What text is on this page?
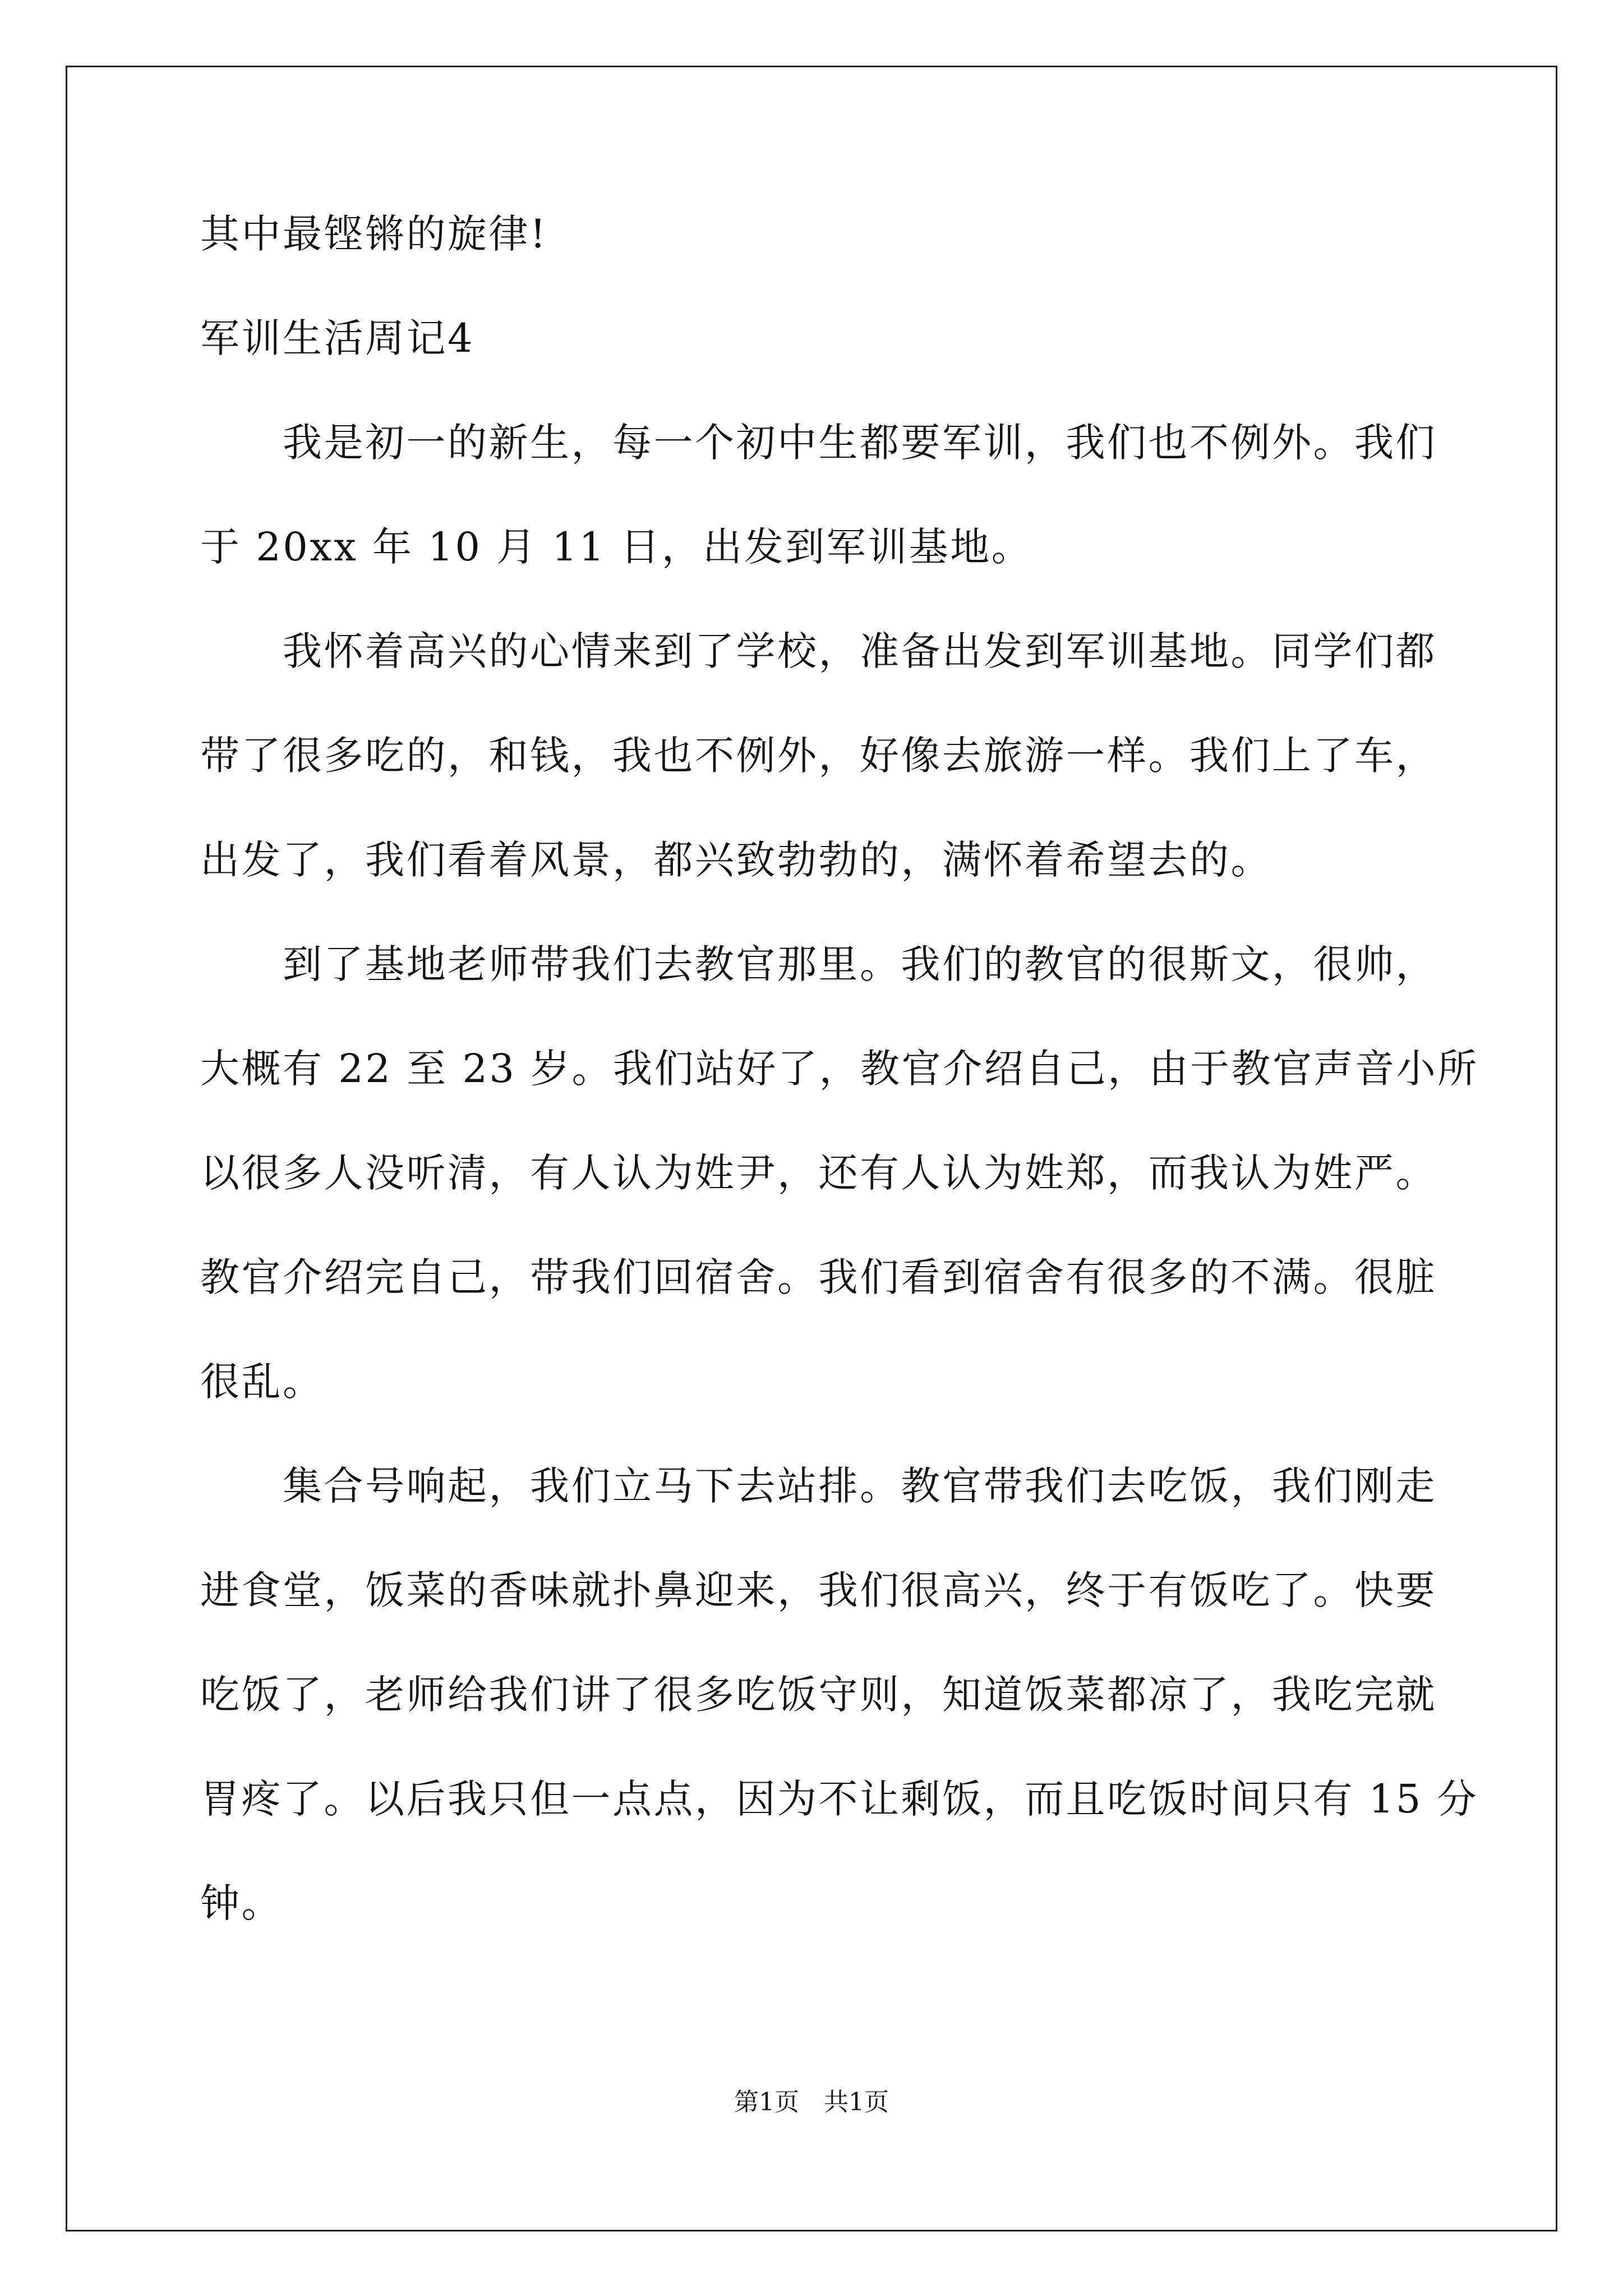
其中最铿锵的旋律!
军训生活周记4
　　我是初一的新生，每一个初中生都要军训，我们也不例外。我们
于 20xx 年 10 月 11 日，出发到军训基地。
　　我怀着高兴的心情来到了学校，准备出发到军训基地。同学们都
带了很多吃的，和钱，我也不例外，好像去旅游一样。我们上了车，
出发了，我们看着风景，都兴致勃勃的，满怀着希望去的。
　　到了基地老师带我们去教官那里。我们的教官的很斯文，很帅，
大概有 22 至 23 岁。我们站好了，教官介绍自己，由于教官声音小所
以很多人没听清，有人认为姓尹，还有人认为姓郑，而我认为姓严。
教官介绍完自己，带我们回宿舍。我们看到宿舍有很多的不满。很脏
很乱。
　　集合号响起，我们立马下去站排。教官带我们去吃饭，我们刚走
进食堂，饭菜的香味就扑鼻迎来，我们很高兴，终于有饭吃了。快要
吃饭了，老师给我们讲了很多吃饭守则，知道饭菜都凉了，我吃完就
胃疼了。以后我只但一点点，因为不让剩饭，而且吃饭时间只有 15 分
钟。
第1页　共1页
